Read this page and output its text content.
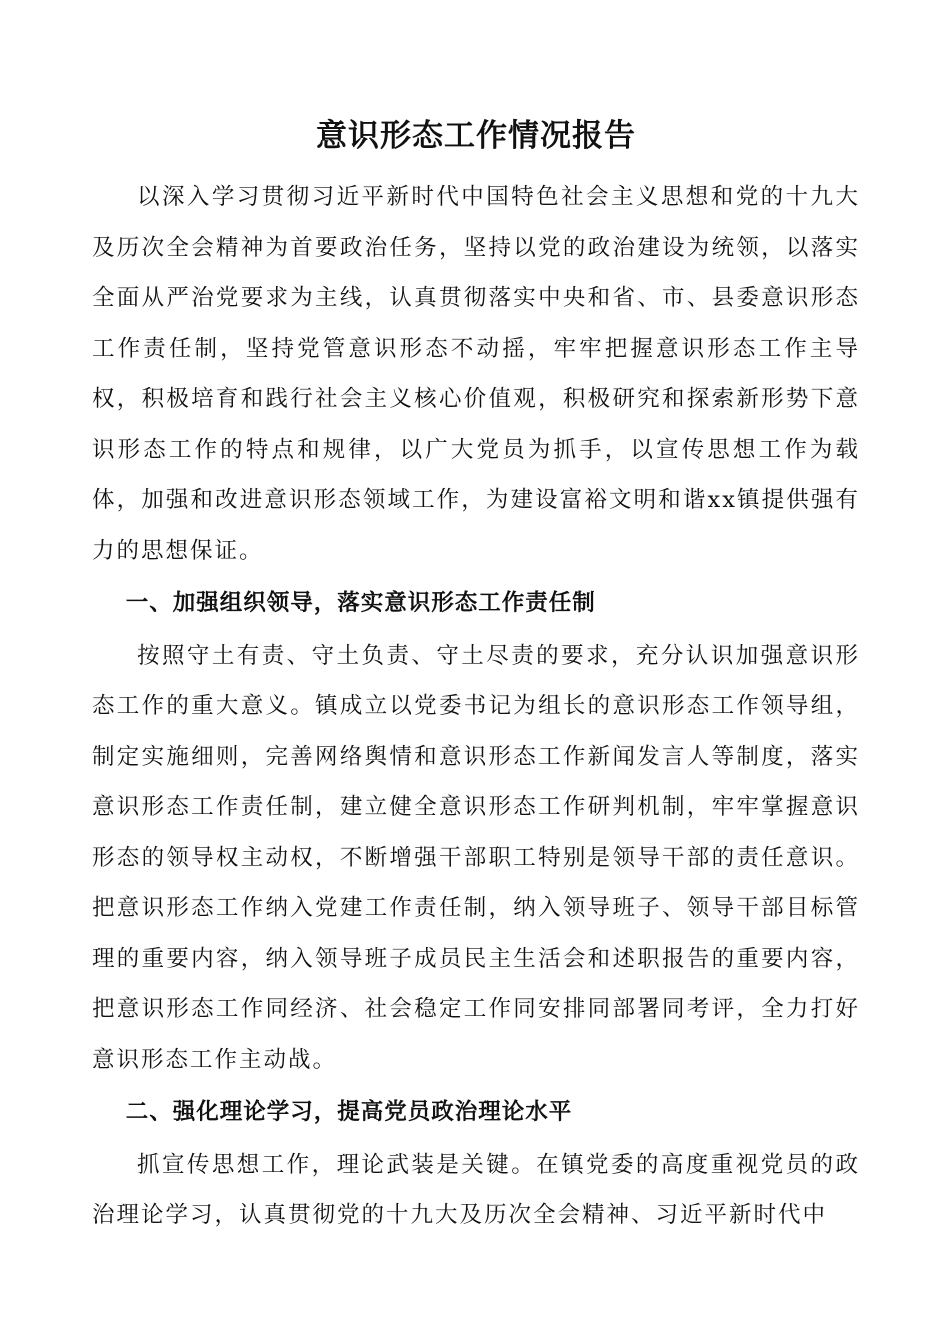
意识形态工作情况报告

以深入学习贯彻习近平新时代中国特色社会主义思想和党的十九大及历次全会精神为首要政治任务，坚持以党的政治建设为统领，以落实全面从严治党要求为主线，认真贯彻落实中央和省、市、县委意识形态工作责任制，坚持党管意识形态不动摇，牢牢把握意识形态工作主导权，积极培育和践行社会主义核心价值观，积极研究和探索新形势下意识形态工作的特点和规律，以广大党员为抓手，以宣传思想工作为载体，加强和改进意识形态领域工作，为建设富裕文明和谐xx镇提供强有力的思想保证。

一、加强组织领导，落实意识形态工作责任制

按照守土有责、守土负责、守土尽责的要求，充分认识加强意识形态工作的重大意义。镇成立以党委书记为组长的意识形态工作领导组，制定实施细则，完善网络舆情和意识形态工作新闻发言人等制度，落实意识形态工作责任制，建立健全意识形态工作研判机制，牢牢掌握意识形态的领导权主动权，不断增强干部职工特别是领导干部的责任意识。把意识形态工作纳入党建工作责任制，纳入领导班子、领导干部目标管理的重要内容，纳入领导班子成员民主生活会和述职报告的重要内容，把意识形态工作同经济、社会稳定工作同安排同部署同考评，全力打好意识形态工作主动战。

二、强化理论学习，提高党员政治理论水平

抓宣传思想工作，理论武装是关键。在镇党委的高度重视党员的政治理论学习，认真贯彻党的十九大及历次全会精神、习近平新时代中
